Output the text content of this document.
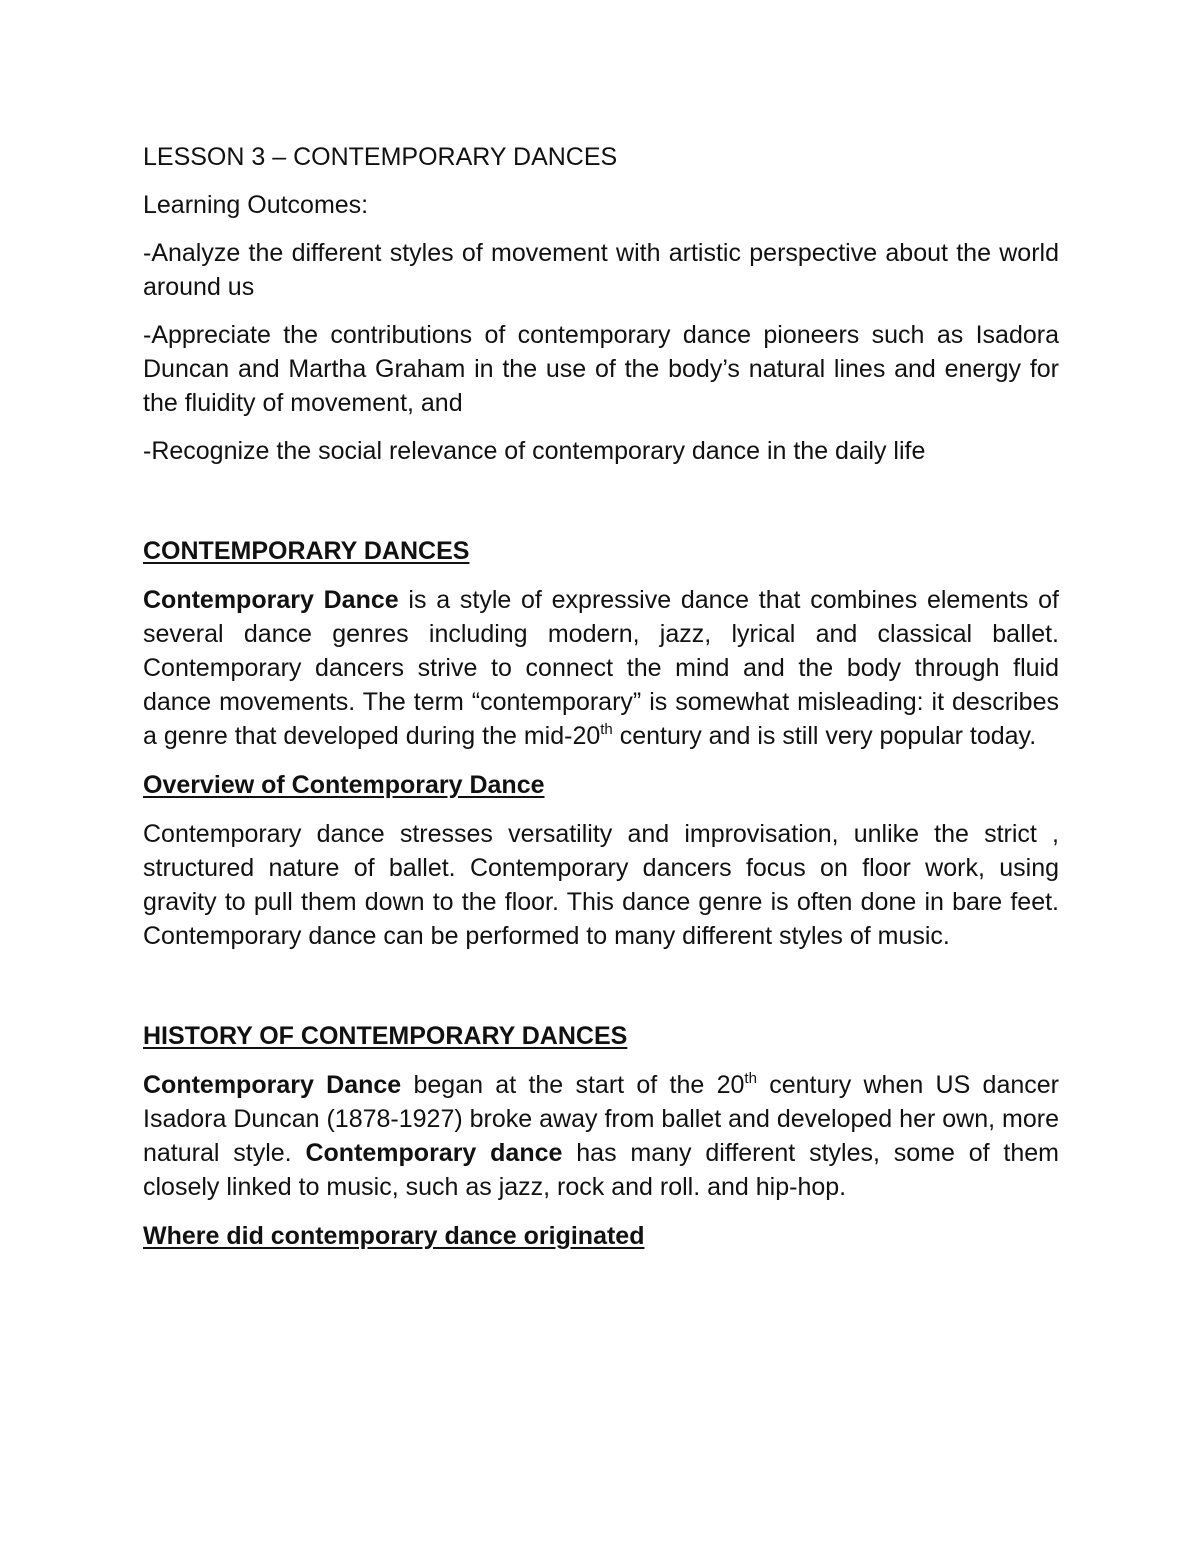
LESSON 3 – CONTEMPORARY DANCES

Learning Outcomes:

-Analyze the different styles of movement with artistic perspective about the world around us

-Appreciate the contributions of contemporary dance pioneers such as Isadora Duncan and Martha Graham in the use of the body’s natural lines and energy for the fluidity of movement, and

-Recognize the social relevance of contemporary dance in the daily life

CONTEMPORARY DANCES

Contemporary Dance is a style of expressive dance that combines elements of several dance genres including modern, jazz, lyrical and classical ballet. Contemporary dancers strive to connect the mind and the body through fluid dance movements. The term “contemporary” is somewhat misleading: it describes a genre that developed during the mid-20th century and is still very popular today.

Overview of Contemporary Dance

Contemporary dance stresses versatility and improvisation, unlike the strict , structured nature of ballet. Contemporary dancers focus on floor work, using gravity to pull them down to the floor. This dance genre is often done in bare feet. Contemporary dance can be performed to many different styles of music.

HISTORY OF CONTEMPORARY DANCES

Contemporary Dance began at the start of the 20th century when US dancer Isadora Duncan (1878-1927) broke away from ballet and developed her own, more natural style. Contemporary dance has many different styles, some of them closely linked to music, such as jazz, rock and roll. and hip-hop.

Where did contemporary dance originated
